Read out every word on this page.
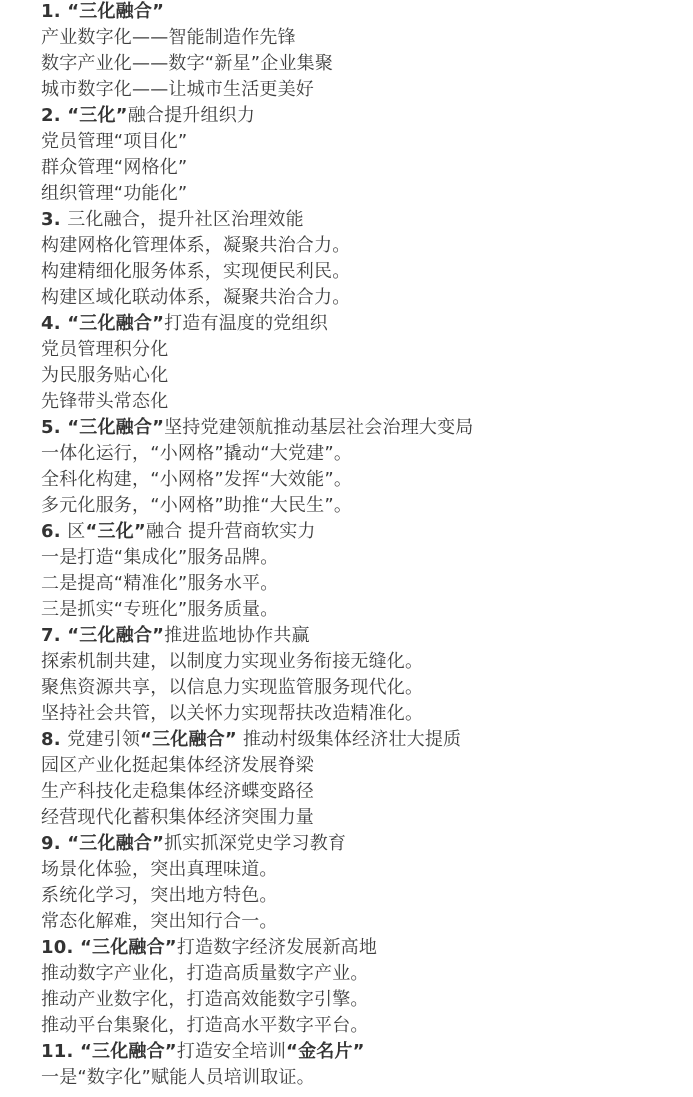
1. “三化融合”
产业数字化——智能制造作先锋
数字产业化——数字“新星”企业集聚
城市数字化——让城市生活更美好
2. “三化”融合提升组织力
党员管理“项目化”
群众管理“网格化”
组织管理“功能化”
3. 三化融合，提升社区治理效能
构建网格化管理体系，凝聚共治合力。
构建精细化服务体系，实现便民利民。
构建区域化联动体系，凝聚共治合力。
4. “三化融合”打造有温度的党组织
党员管理积分化
为民服务贴心化
先锋带头常态化
5. “三化融合”坚持党建领航推动基层社会治理大变局
一体化运行，“小网格”撬动“大党建”。
全科化构建，“小网格”发挥“大效能”。
多元化服务，“小网格”助推“大民生”。
6. 区“三化”融合 提升营商软实力
一是打造“集成化”服务品牌。
二是提高“精准化”服务水平。
三是抓实“专班化”服务质量。
7. “三化融合”推进监地协作共赢
探索机制共建，以制度力实现业务衔接无缝化。
聚焦资源共享，以信息力实现监管服务现代化。
坚持社会共管，以关怀力实现帮扶改造精准化。
8. 党建引领“三化融合” 推动村级集体经济壮大提质
园区产业化挺起集体经济发展脊梁
生产科技化走稳集体经济蝶变路径
经营现代化蓄积集体经济突围力量
9. “三化融合”抓实抓深党史学习教育
场景化体验，突出真理味道。
系统化学习，突出地方特色。
常态化解难，突出知行合一。
10. “三化融合”打造数字经济发展新高地
推动数字产业化，打造高质量数字产业。
推动产业数字化，打造高效能数字引擎。
推动平台集聚化，打造高水平数字平台。
11. “三化融合”打造安全培训“金名片”
一是“数字化”赋能人员培训取证。
